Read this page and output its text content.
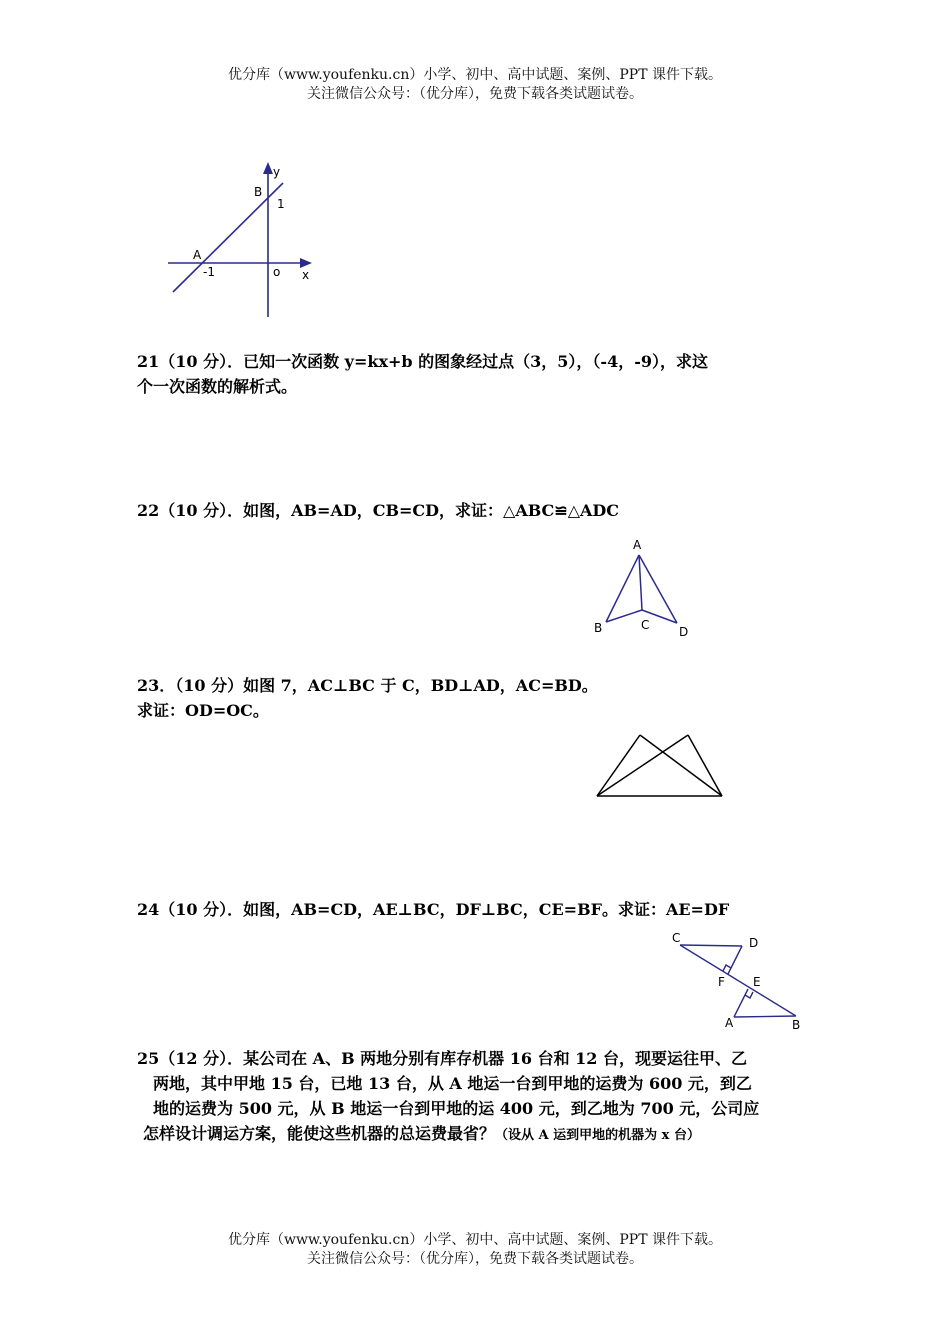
优分库（www.youfenku.cn）小学、初中、高中试题、案例、PPT 课件下载。
关注微信公众号：（优分库），免费下载各类试题试卷。
y
B
1
A
-1	o x
21（10 分）．已知一次函数 y=kx+b 的图象经过点（3，5），（-4，-9），求这
个一次函数的解析式。
22（10 分）．如图，AB=AD，CB=CD，求证：△ABC≌△ADC
A
B	C D
23．（10 分）如图 7，AC⊥BC 于 C，BD⊥AD，AC=BD。
求证：OD=OC。
24（10 分）．如图，AB=CD，AE⊥BC，DF⊥BC，CE=BF。求证：AE=DF
C	D
F E
A	B
25（12 分）．某公司在 A、B 两地分别有库存机器 16 台和 12 台，现要运往甲、乙
两地，其中甲地 15 台，已地 13 台，从 A 地运一台到甲地的运费为 600 元，到乙
地的运费为 500 元，从 B 地运一台到甲地的运 400 元，到乙地为 700 元，公司应
怎样设计调运方案，能使这些机器的总运费最省？（设从 A 运到甲地的机器为 x 台）
优分库（www.youfenku.cn）小学、初中、高中试题、案例、PPT 课件下载。
关注微信公众号：（优分库），免费下载各类试题试卷。
